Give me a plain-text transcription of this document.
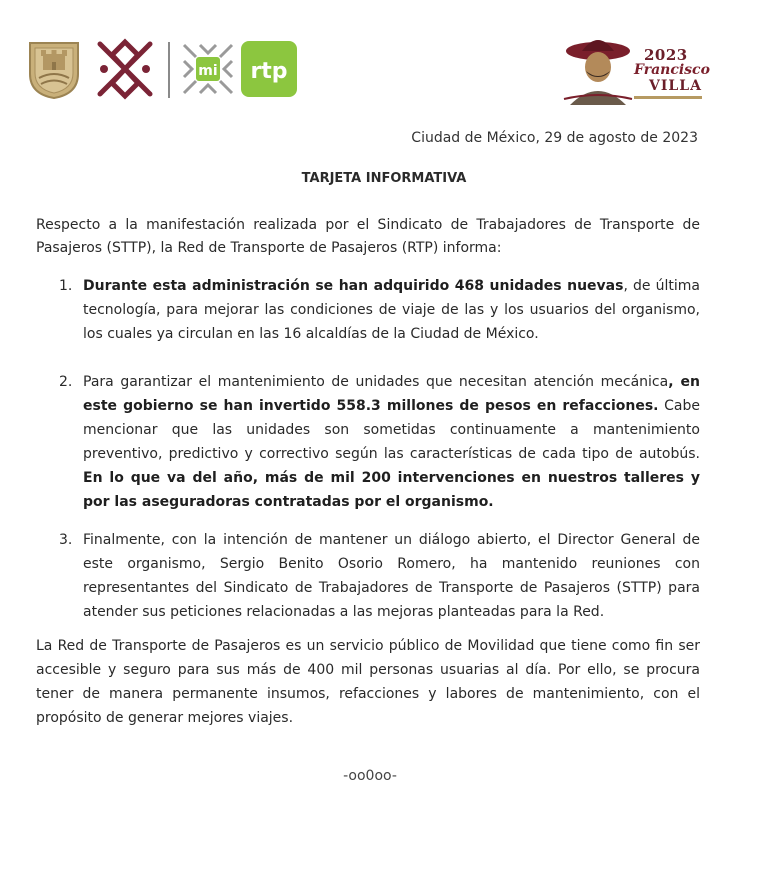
mi rtp
2023
Francisco
VILLA
Ciudad de México, 29 de agosto de 2023
TARJETA INFORMATIVA
Respecto a la manifestación realizada por el Sindicato de Trabajadores de Transporte de Pasajeros (STTP), la Red de Transporte de Pasajeros (RTP) informa:
1. Durante esta administración se han adquirido 468 unidades nuevas, de última tecnología, para mejorar las condiciones de viaje de las y los usuarios del organismo, los cuales ya circulan en las 16 alcaldías de la Ciudad de México.
2. Para garantizar el mantenimiento de unidades que necesitan atención mecánica, en este gobierno se han invertido 558.3 millones de pesos en refacciones. Cabe mencionar que las unidades son sometidas continuamente a mantenimiento preventivo, predictivo y correctivo según las características de cada tipo de autobús. En lo que va del año, más de mil 200 intervenciones en nuestros talleres y por las aseguradoras contratadas por el organismo.
3. Finalmente, con la intención de mantener un diálogo abierto, el Director General de este organismo, Sergio Benito Osorio Romero, ha mantenido reuniones con representantes del Sindicato de Trabajadores de Transporte de Pasajeros (STTP) para atender sus peticiones relacionadas a las mejoras planteadas para la Red.
La Red de Transporte de Pasajeros es un servicio público de Movilidad que tiene como fin ser accesible y seguro para sus más de 400 mil personas usuarias al día. Por ello, se procura tener de manera permanente insumos, refacciones y labores de mantenimiento, con el propósito de generar mejores viajes.
-oo0oo-
